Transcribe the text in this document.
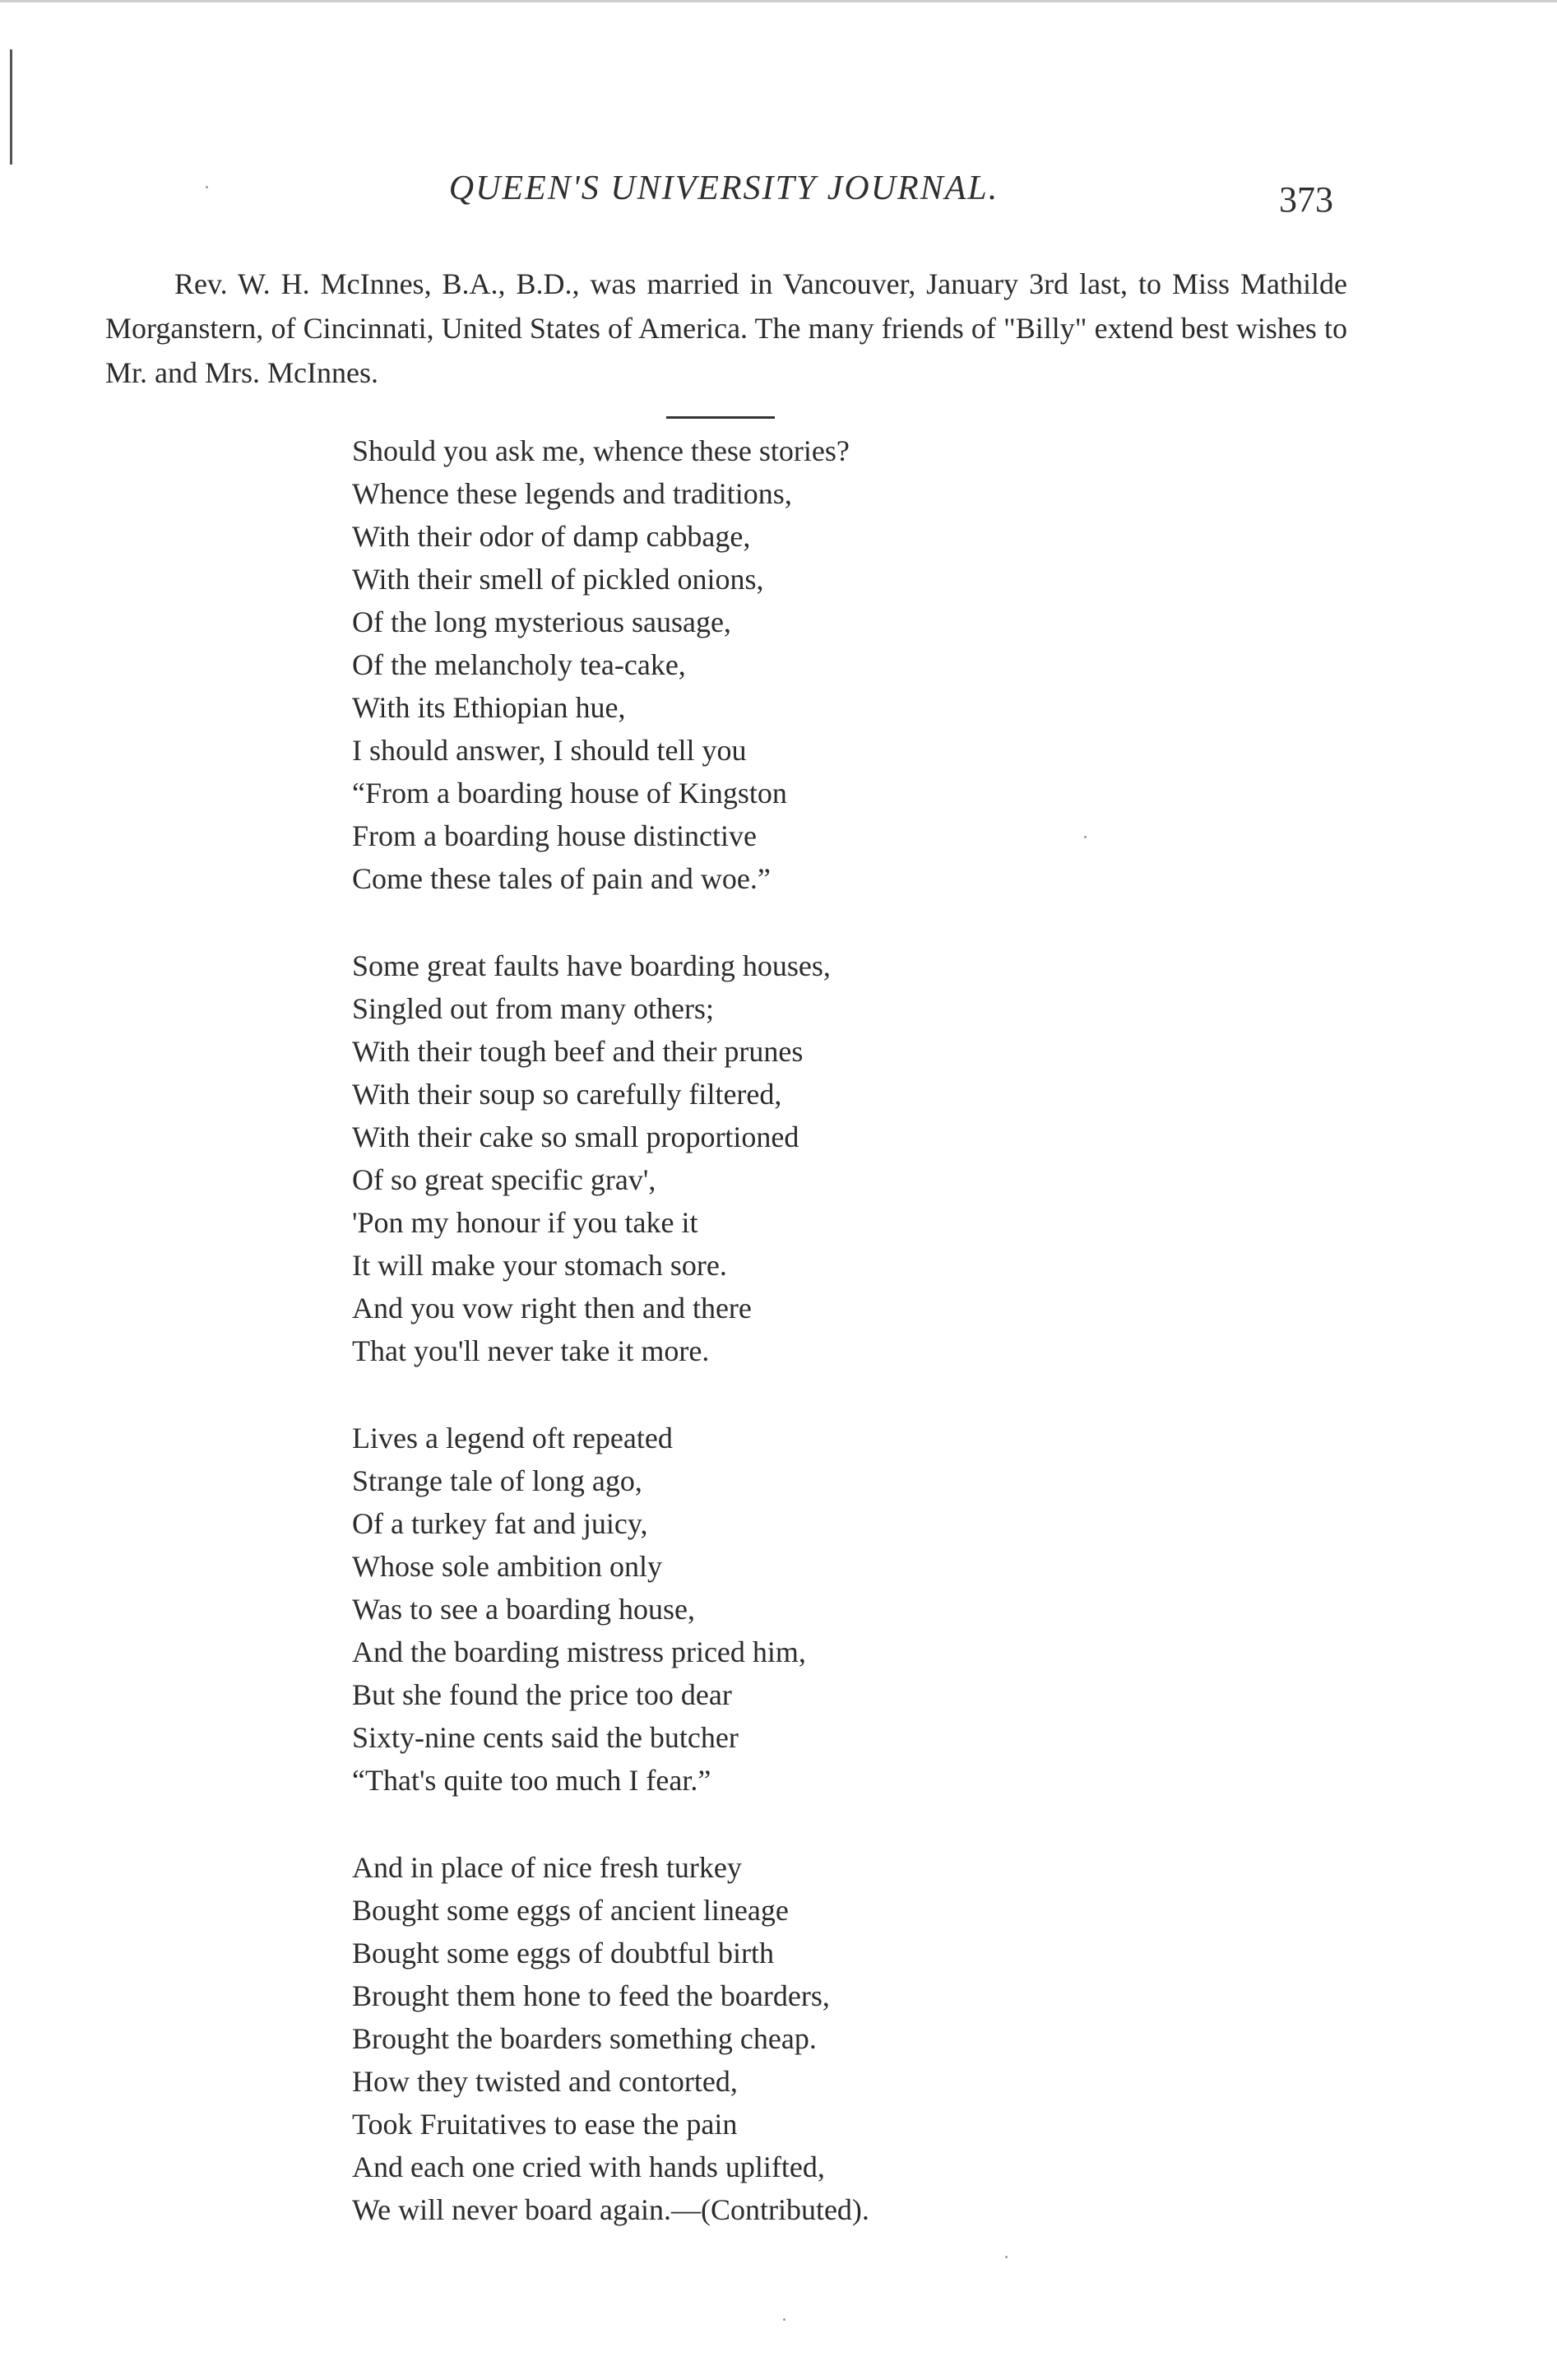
QUEEN'S UNIVERSITY JOURNAL.	373
Rev. W. H. McInnes, B.A., B.D., was married in Vancouver, January 3rd last, to Miss Mathilde Morganstern, of Cincinnati, United States of America. The many friends of "Billy" extend best wishes to Mr. and Mrs. McInnes.
Should you ask me, whence these stories?
Whence these legends and traditions,
With their odor of damp cabbage,
With their smell of pickled onions,
Of the long mysterious sausage,
Of the melancholy tea-cake,
With its Ethiopian hue,
I should answer, I should tell you
“From a boarding house of Kingston
From a boarding house distinctive
Come these tales of pain and woe.”
Some great faults have boarding houses,
Singled out from many others;
With their tough beef and their prunes
With their soup so carefully filtered,
With their cake so small proportioned
Of so great specific grav',
'Pon my honour if you take it
It will make your stomach sore.
And you vow right then and there
That you'll never take it more.
Lives a legend oft repeated
Strange tale of long ago,
Of a turkey fat and juicy,
Whose sole ambition only
Was to see a boarding house,
And the boarding mistress priced him,
But she found the price too dear
Sixty-nine cents said the butcher
“That's quite too much I fear.”
And in place of nice fresh turkey
Bought some eggs of ancient lineage
Bought some eggs of doubtful birth
Brought them hone to feed the boarders,
Brought the boarders something cheap.
How they twisted and contorted,
Took Fruitatives to ease the pain
And each one cried with hands uplifted,
We will never board again.—(Contributed).
